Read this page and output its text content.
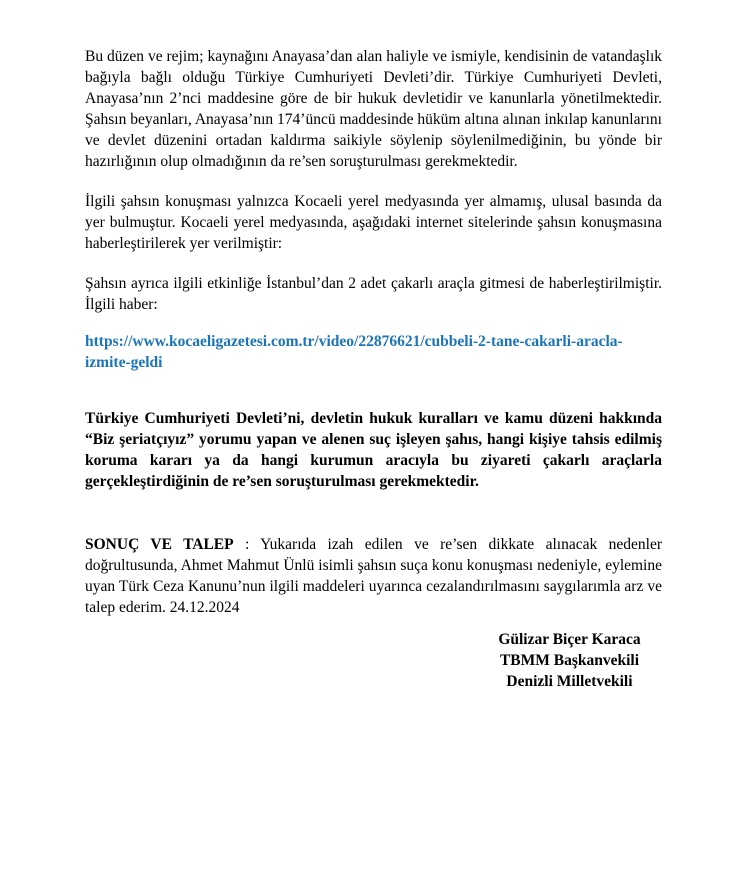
Bu düzen ve rejim; kaynağını Anayasa’dan alan haliyle ve ismiyle, kendisinin de vatandaşlık bağıyla bağlı olduğu Türkiye Cumhuriyeti Devleti’dir. Türkiye Cumhuriyeti Devleti, Anayasa’nın 2’nci maddesine göre de bir hukuk devletidir ve kanunlarla yönetilmektedir. Şahsın beyanları, Anayasa’nın 174’üncü maddesinde hüküm altına alınan inkılap kanunlarını ve devlet düzenini ortadan kaldırma saikiyle söylenip söylenilmediğinin, bu yönde bir hazırlığının olup olmadığının da re’sen soruşturulması gerekmektedir.

İlgili şahsın konuşması yalnızca Kocaeli yerel medyasında yer almamış, ulusal basında da yer bulmuştur. Kocaeli yerel medyasında, aşağıdaki internet sitelerinde şahsın konuşmasına haberleştirilerek yer verilmiştir:

Şahsın ayrıca ilgili etkinliğe İstanbul’dan 2 adet çakarlı araçla gitmesi de haberleştirilmiştir. İlgili haber:

https://www.kocaeligazetesi.com.tr/video/22876621/cubbeli-2-tane-cakarli-aracla-izmite-geldi

Türkiye Cumhuriyeti Devleti’ni, devletin hukuk kuralları ve kamu düzeni hakkında “Biz şeriatçıyız” yorumu yapan ve alenen suç işleyen şahıs, hangi kişiye tahsis edilmiş koruma kararı ya da hangi kurumun aracıyla bu ziyareti çakarlı araçlarla gerçekleştirdiğinin de re’sen soruşturulması gerekmektedir.

SONUÇ VE TALEP : Yukarıda izah edilen ve re’sen dikkate alınacak nedenler doğrultusunda, Ahmet Mahmut Ünlü isimli şahsın suça konu konuşması nedeniyle, eylemine uyan Türk Ceza Kanunu’nun ilgili maddeleri uyarınca cezalandırılmasını saygılarımla arz ve talep ederim. 24.12.2024

Gülizar Biçer Karaca
TBMM Başkanvekili
Denizli Milletvekili
